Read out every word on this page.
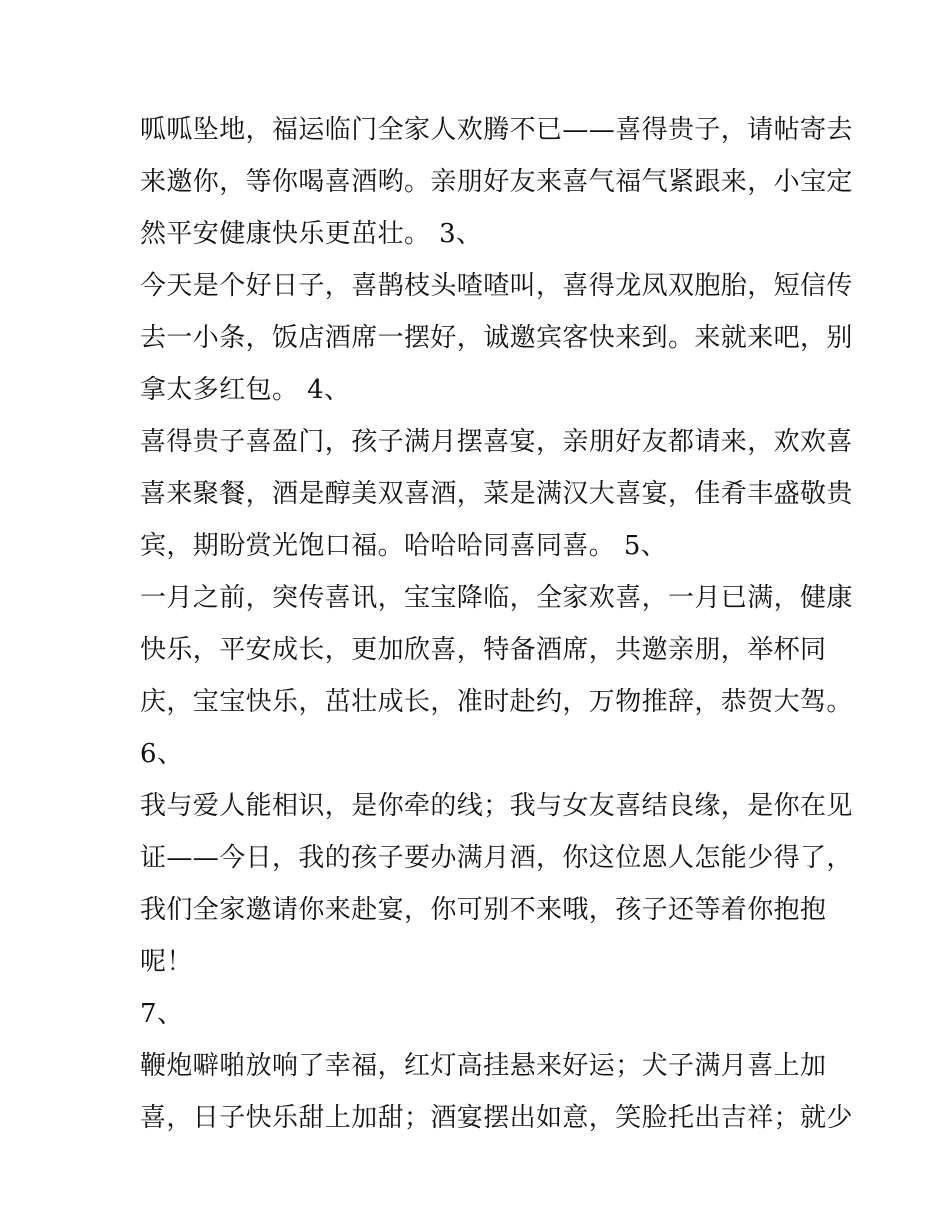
呱呱坠地，福运临门全家人欢腾不已——喜得贵子，请帖寄去
来邀你，等你喝喜酒哟。亲朋好友来喜气福气紧跟来，小宝定
然平安健康快乐更茁壮。 3、
今天是个好日子，喜鹊枝头喳喳叫，喜得龙凤双胞胎，短信传
去一小条，饭店酒席一摆好，诚邀宾客快来到。来就来吧，别
拿太多红包。 4、
喜得贵子喜盈门，孩子满月摆喜宴，亲朋好友都请来，欢欢喜
喜来聚餐，酒是醇美双喜酒，菜是满汉大喜宴，佳肴丰盛敬贵
宾，期盼赏光饱口福。哈哈哈同喜同喜。 5、
一月之前，突传喜讯，宝宝降临，全家欢喜，一月已满，健康
快乐，平安成长，更加欣喜，特备酒席，共邀亲朋，举杯同
庆，宝宝快乐，茁壮成长，准时赴约，万物推辞，恭贺大驾。
6、
我与爱人能相识，是你牵的线；我与女友喜结良缘，是你在见
证——今日，我的孩子要办满月酒，你这位恩人怎能少得了，
我们全家邀请你来赴宴，你可别不来哦，孩子还等着你抱抱
呢！
7、
鞭炮噼啪放响了幸福，红灯高挂悬来好运；犬子满月喜上加
喜，日子快乐甜上加甜；酒宴摆出如意，笑脸托出吉祥；就少
